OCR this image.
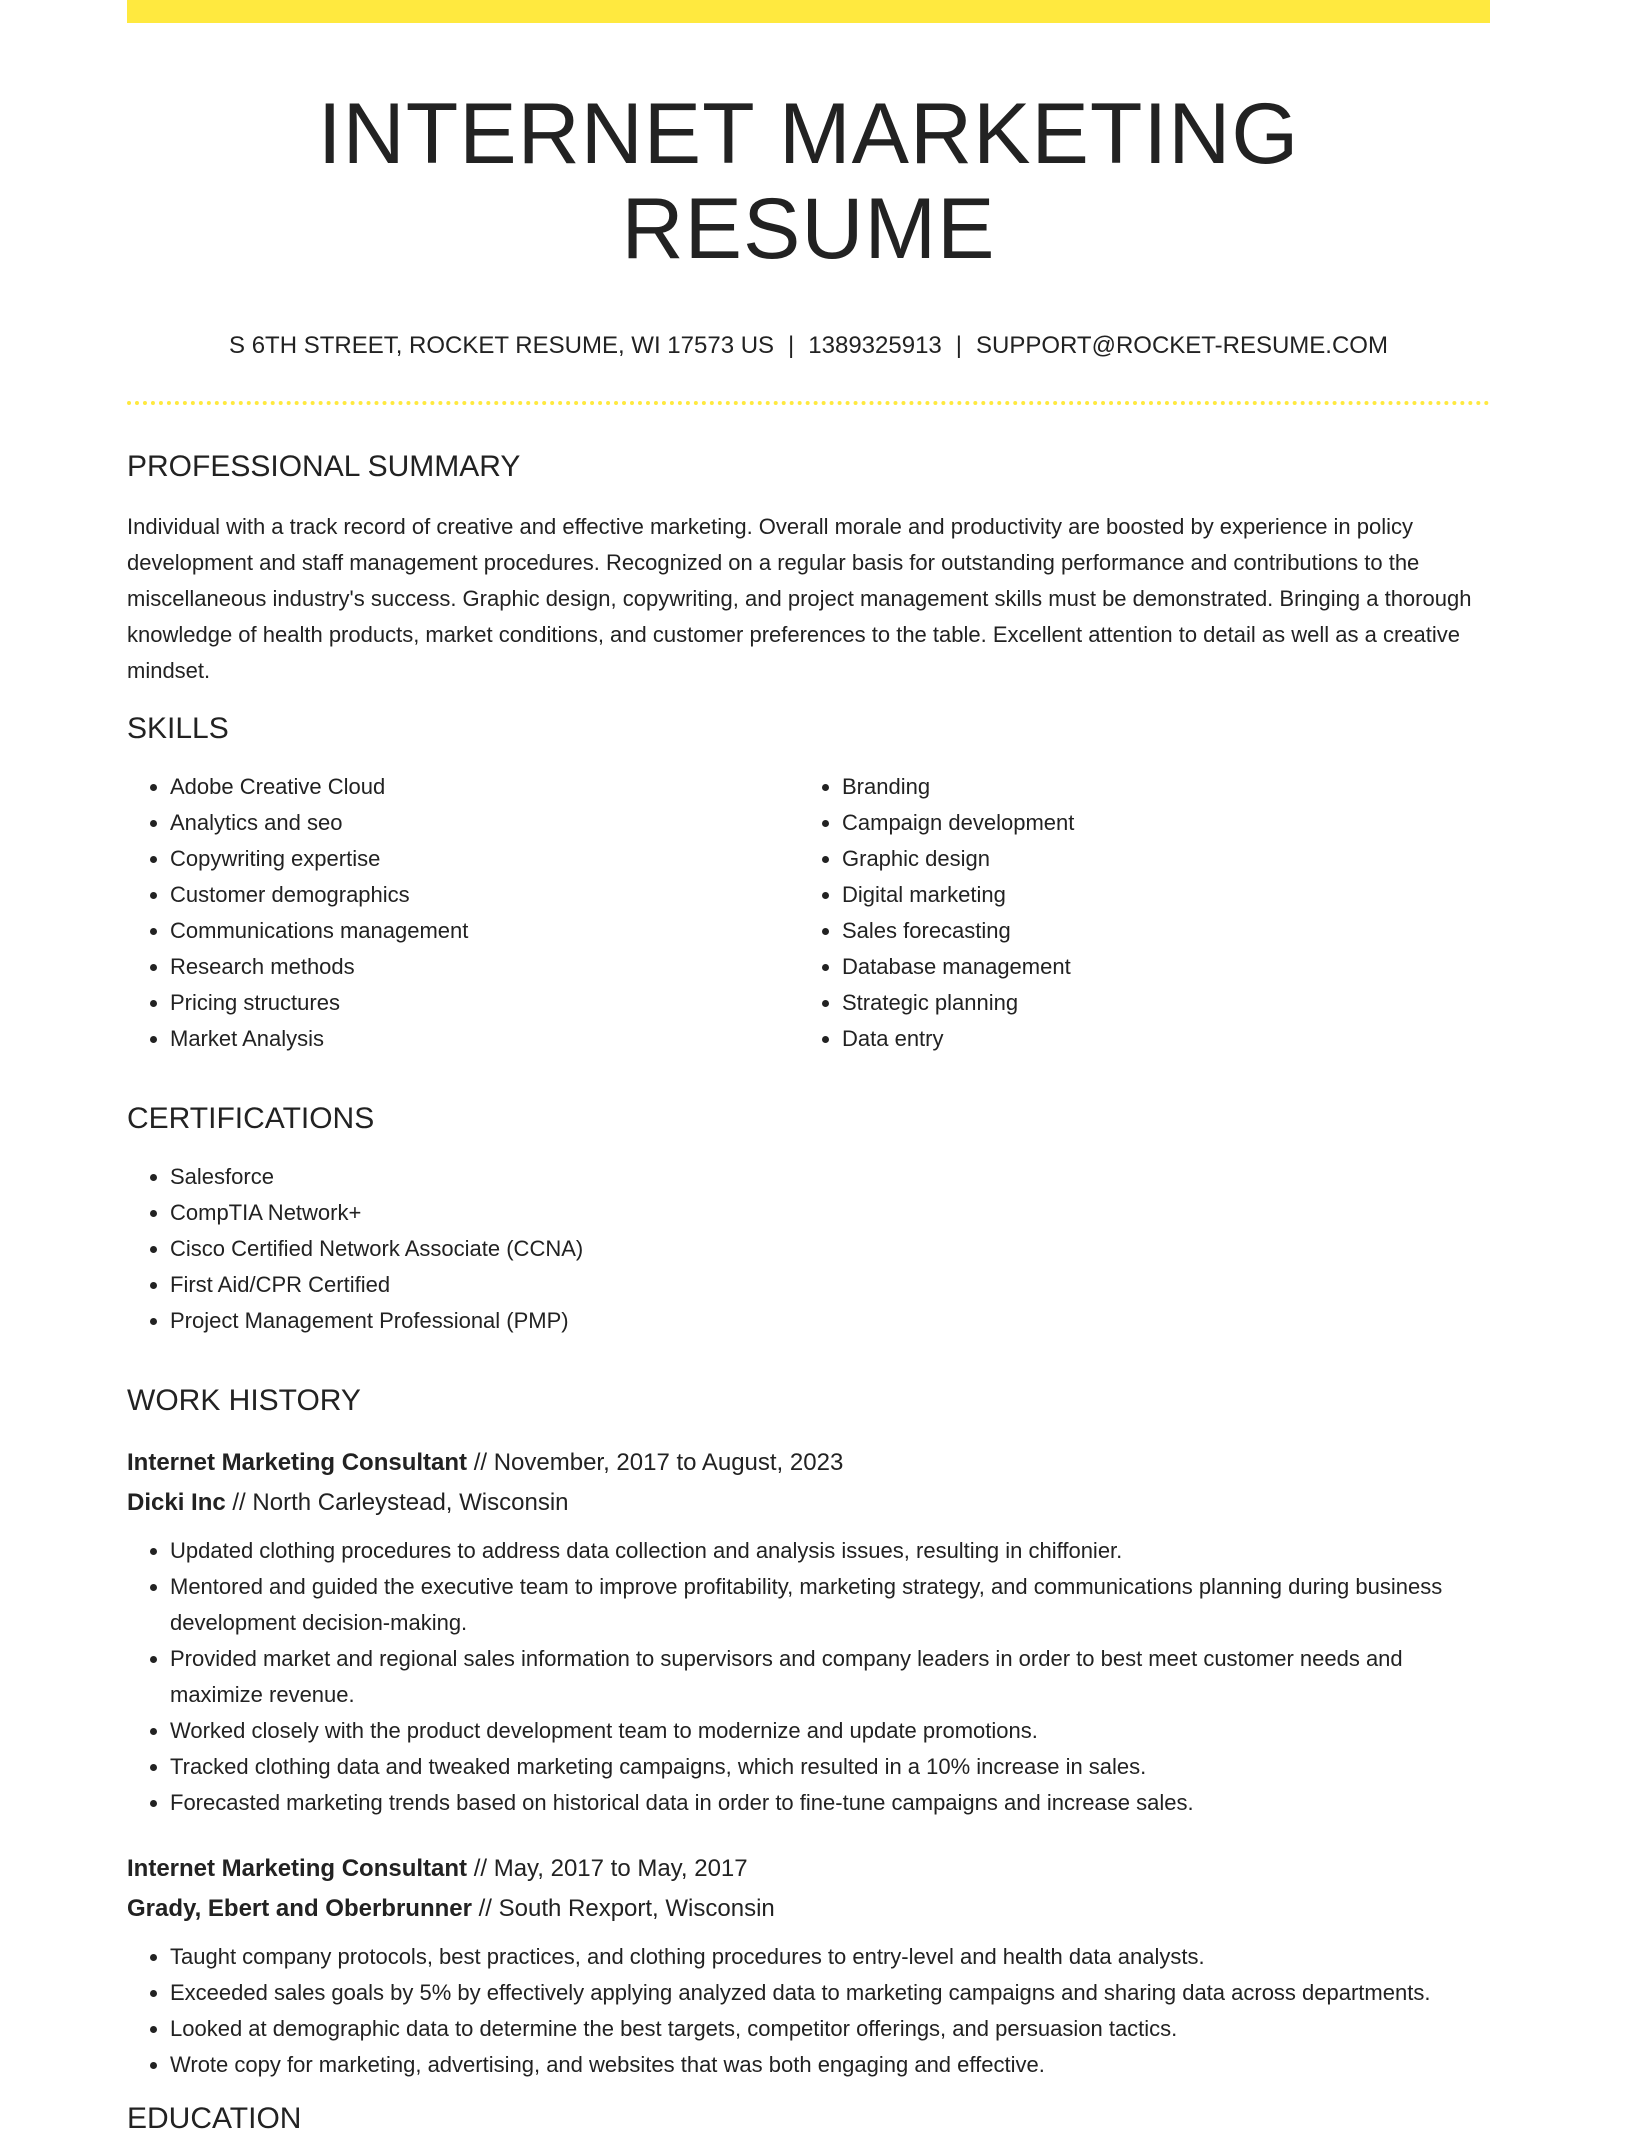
INTERNET MARKETING RESUME
S 6TH STREET, ROCKET RESUME, WI 17573 US | 1389325913 | SUPPORT@ROCKET-RESUME.COM
PROFESSIONAL SUMMARY

Individual with a track record of creative and effective marketing. Overall morale and productivity are boosted by experience in policy development and staff management procedures. Recognized on a regular basis for outstanding performance and contributions to the miscellaneous industry's success. Graphic design, copywriting, and project management skills must be demonstrated. Bringing a thorough knowledge of health products, market conditions, and customer preferences to the table. Excellent attention to detail as well as a creative mindset.

SKILLS
• Adobe Creative Cloud
• Analytics and seo
• Copywriting expertise
• Customer demographics
• Communications management
• Research methods
• Pricing structures
• Market Analysis
• Branding
• Campaign development
• Graphic design
• Digital marketing
• Sales forecasting
• Database management
• Strategic planning
• Data entry
CERTIFICATIONS
• Salesforce
• CompTIA Network+
• Cisco Certified Network Associate (CCNA)
• First Aid/CPR Certified
• Project Management Professional (PMP)
WORK HISTORY
Internet Marketing Consultant // November, 2017 to August, 2023
Dicki Inc // North Carleystead, Wisconsin
• Updated clothing procedures to address data collection and analysis issues, resulting in chiffonier.
• Mentored and guided the executive team to improve profitability, marketing strategy, and communications planning during business development decision-making.
• Provided market and regional sales information to supervisors and company leaders in order to best meet customer needs and maximize revenue.
• Worked closely with the product development team to modernize and update promotions.
• Tracked clothing data and tweaked marketing campaigns, which resulted in a 10% increase in sales.
• Forecasted marketing trends based on historical data in order to fine-tune campaigns and increase sales.
Internet Marketing Consultant // May, 2017 to May, 2017
Grady, Ebert and Oberbrunner // South Rexport, Wisconsin
• Taught company protocols, best practices, and clothing procedures to entry-level and health data analysts.
• Exceeded sales goals by 5% by effectively applying analyzed data to marketing campaigns and sharing data across departments.
• Looked at demographic data to determine the best targets, competitor offerings, and persuasion tactics.
• Wrote copy for marketing, advertising, and websites that was both engaging and effective.
EDUCATION
